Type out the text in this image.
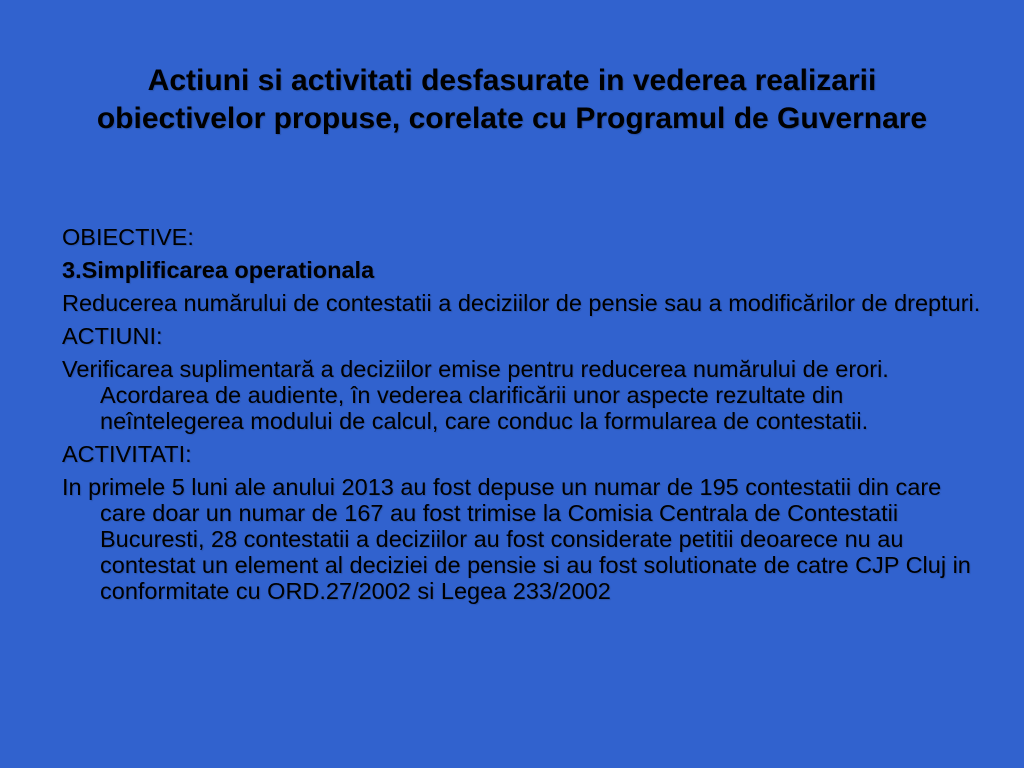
Actiuni si activitati desfasurate in vederea realizarii obiectivelor propuse, corelate cu Programul de Guvernare

OBIECTIVE:

3.Simplificarea operationala

Reducerea numărului de contestatii a deciziilor de pensie sau a modificărilor de drepturi.

ACTIUNI:

Verificarea suplimentară a deciziilor emise pentru reducerea numărului de erori. Acordarea de audiente, în vederea clarificării unor aspecte rezultate din neîntelegerea modului de calcul, care conduc la formularea de contestatii.

ACTIVITATI:

In primele 5 luni ale anului 2013 au fost depuse un numar de 195 contestatii din care care doar un numar de 167 au fost trimise la Comisia Centrala de Contestatii Bucuresti, 28 contestatii a deciziilor au fost considerate petitii deoarece nu au contestat un element al deciziei de pensie si au fost solutionate de catre CJP Cluj in conformitate cu ORD.27/2002 si Legea 233/2002
